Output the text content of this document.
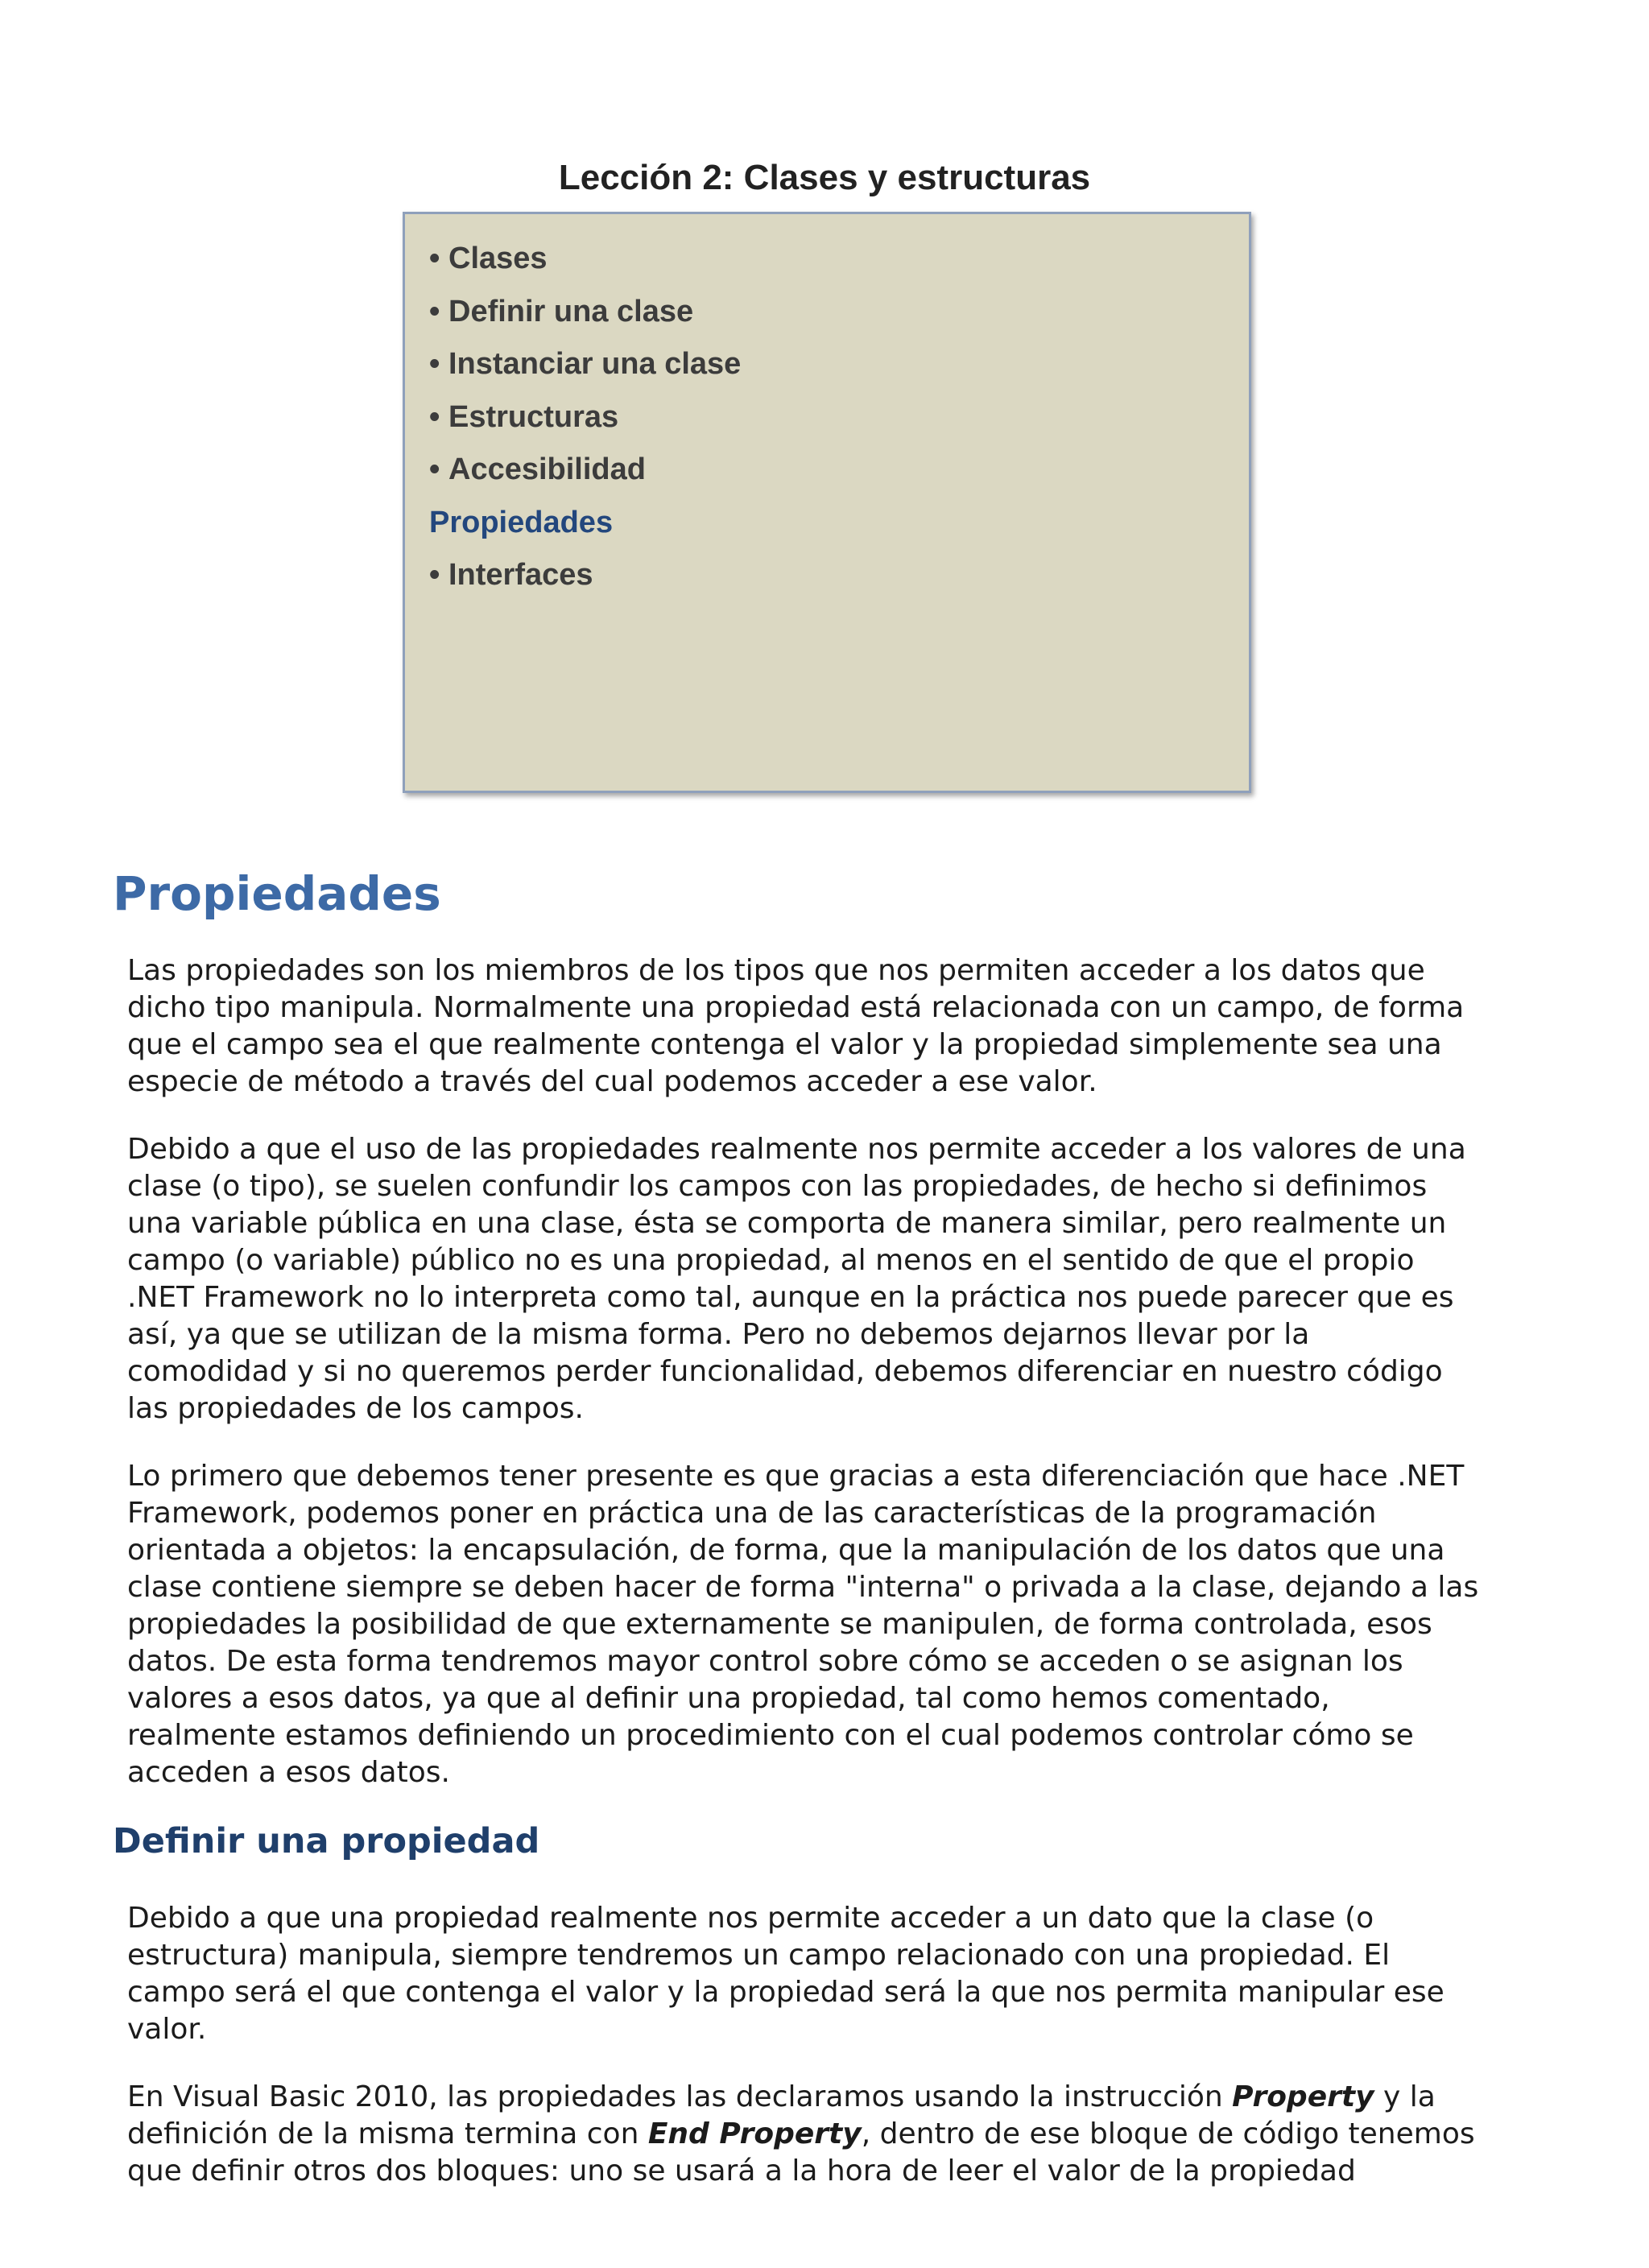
Lección 2: Clases y estructuras
• Clases
• Definir una clase
• Instanciar una clase
• Estructuras
• Accesibilidad
Propiedades
• Interfaces
Propiedades

Las propiedades son los miembros de los tipos que nos permiten acceder a los datos que
dicho tipo manipula. Normalmente una propiedad está relacionada con un campo, de forma
que el campo sea el que realmente contenga el valor y la propiedad simplemente sea una
especie de método a través del cual podemos acceder a ese valor.

Debido a que el uso de las propiedades realmente nos permite acceder a los valores de una
clase (o tipo), se suelen confundir los campos con las propiedades, de hecho si definimos
una variable pública en una clase, ésta se comporta de manera similar, pero realmente un
campo (o variable) público no es una propiedad, al menos en el sentido de que el propio
.NET Framework no lo interpreta como tal, aunque en la práctica nos puede parecer que es
así, ya que se utilizan de la misma forma. Pero no debemos dejarnos llevar por la
comodidad y si no queremos perder funcionalidad, debemos diferenciar en nuestro código
las propiedades de los campos.

Lo primero que debemos tener presente es que gracias a esta diferenciación que hace .NET
Framework, podemos poner en práctica una de las características de la programación
orientada a objetos: la encapsulación, de forma, que la manipulación de los datos que una
clase contiene siempre se deben hacer de forma "interna" o privada a la clase, dejando a las
propiedades la posibilidad de que externamente se manipulen, de forma controlada, esos
datos. De esta forma tendremos mayor control sobre cómo se acceden o se asignan los
valores a esos datos, ya que al definir una propiedad, tal como hemos comentado,
realmente estamos definiendo un procedimiento con el cual podemos controlar cómo se
acceden a esos datos.

Definir una propiedad

Debido a que una propiedad realmente nos permite acceder a un dato que la clase (o
estructura) manipula, siempre tendremos un campo relacionado con una propiedad. El
campo será el que contenga el valor y la propiedad será la que nos permita manipular ese
valor.

En Visual Basic 2010, las propiedades las declaramos usando la instrucción Property y la
definición de la misma termina con End Property, dentro de ese bloque de código tenemos
que definir otros dos bloques: uno se usará a la hora de leer el valor de la propiedad
